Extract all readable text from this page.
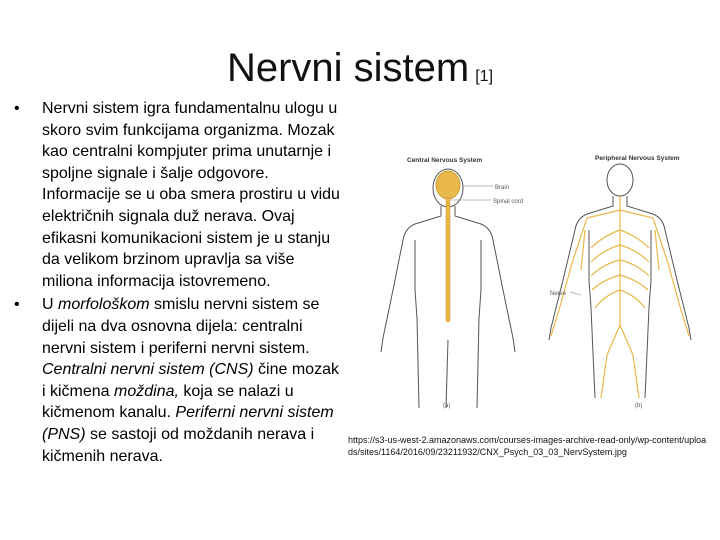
Nervni sistem [1]

• Nervni sistem igra fundamentalnu ulogu u skoro svim funkcijama organizma. Mozak kao centralni kompjuter prima unutarnje i spoljne signale i šalje odgovore. Informacije se u oba smera prostiru u vidu električnih signala duž nerava. Ovaj efikasni komunikacioni sistem je u stanju da velikom brzinom upravlja sa više miliona informacija istovremeno.

• U morfološkom smislu nervni sistem se dijeli na dva osnovna dijela: centralni nervni sistem i periferni nervni sistem. Centralni nervni sistem (CNS) čine mozak i kičmena moždina, koja se nalazi u kičmenom kanalu. Periferni nervni sistem (PNS) se sastoji od moždanih nerava i kičmenih nerava.

Central Nervous System	Peripheral Nervous System
Brain
Spinal cord
(a)
Nerve
(b)
https://s3-us-west-2.amazonaws.com/courses-images-archive-read-only/wp-content/uploads/sites/1164/2016/09/23211932/CNX_Psych_03_03_NervSystem.jpg
